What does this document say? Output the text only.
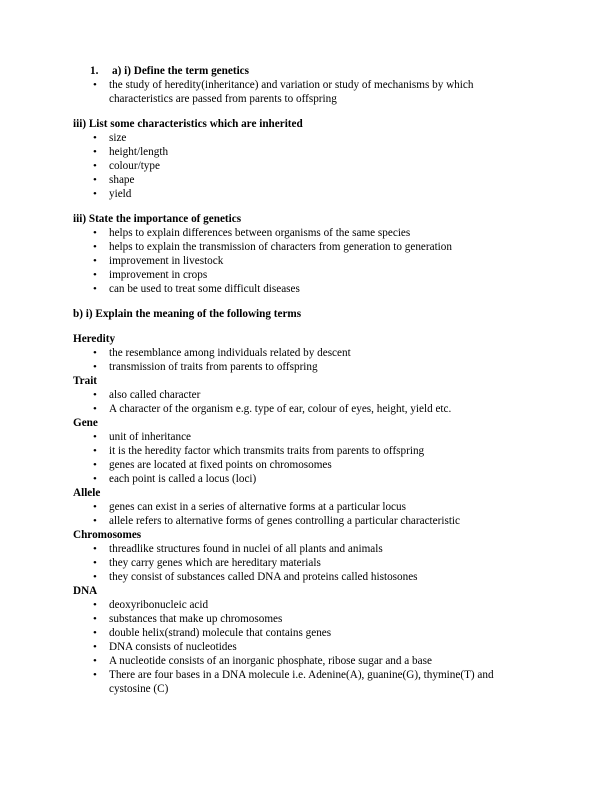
1.	a) i) Define the term genetics
• the study of heredity(inheritance) and variation or study of mechanisms by which characteristics are passed from parents to offspring
iii) List some characteristics which are inherited
• size
• height/length
• colour/type
• shape
• yield
iii) State the importance of genetics
• helps to explain differences between organisms of the same species
• helps to explain the transmission of characters from generation to generation
• improvement in livestock
• improvement in crops
• can be used to treat some difficult diseases
b) i) Explain the meaning of the following terms
Heredity
• the resemblance among individuals related by descent
• transmission of traits from parents to offspring
Trait
• also called character
• A character of the organism e.g. type of ear, colour of eyes, height, yield etc.
Gene
• unit of inheritance
• it is the heredity factor which transmits traits from parents to offspring
• genes are located at fixed points on chromosomes
• each point is called a locus (loci)
Allele
• genes can exist in a series of alternative forms at a particular locus
• allele refers to alternative forms of genes controlling a particular characteristic
Chromosomes
• threadlike structures found in nuclei of all plants and animals
• they carry genes which are hereditary materials
• they consist of substances called DNA and proteins called histosones
DNA
• deoxyribonucleic acid
• substances that make up chromosomes
• double helix(strand) molecule that contains genes
• DNA consists of nucleotides
• A nucleotide consists of an inorganic phosphate, ribose sugar and a base
• There are four bases in a DNA molecule i.e. Adenine(A), guanine(G), thymine(T) and cystosine (C)
